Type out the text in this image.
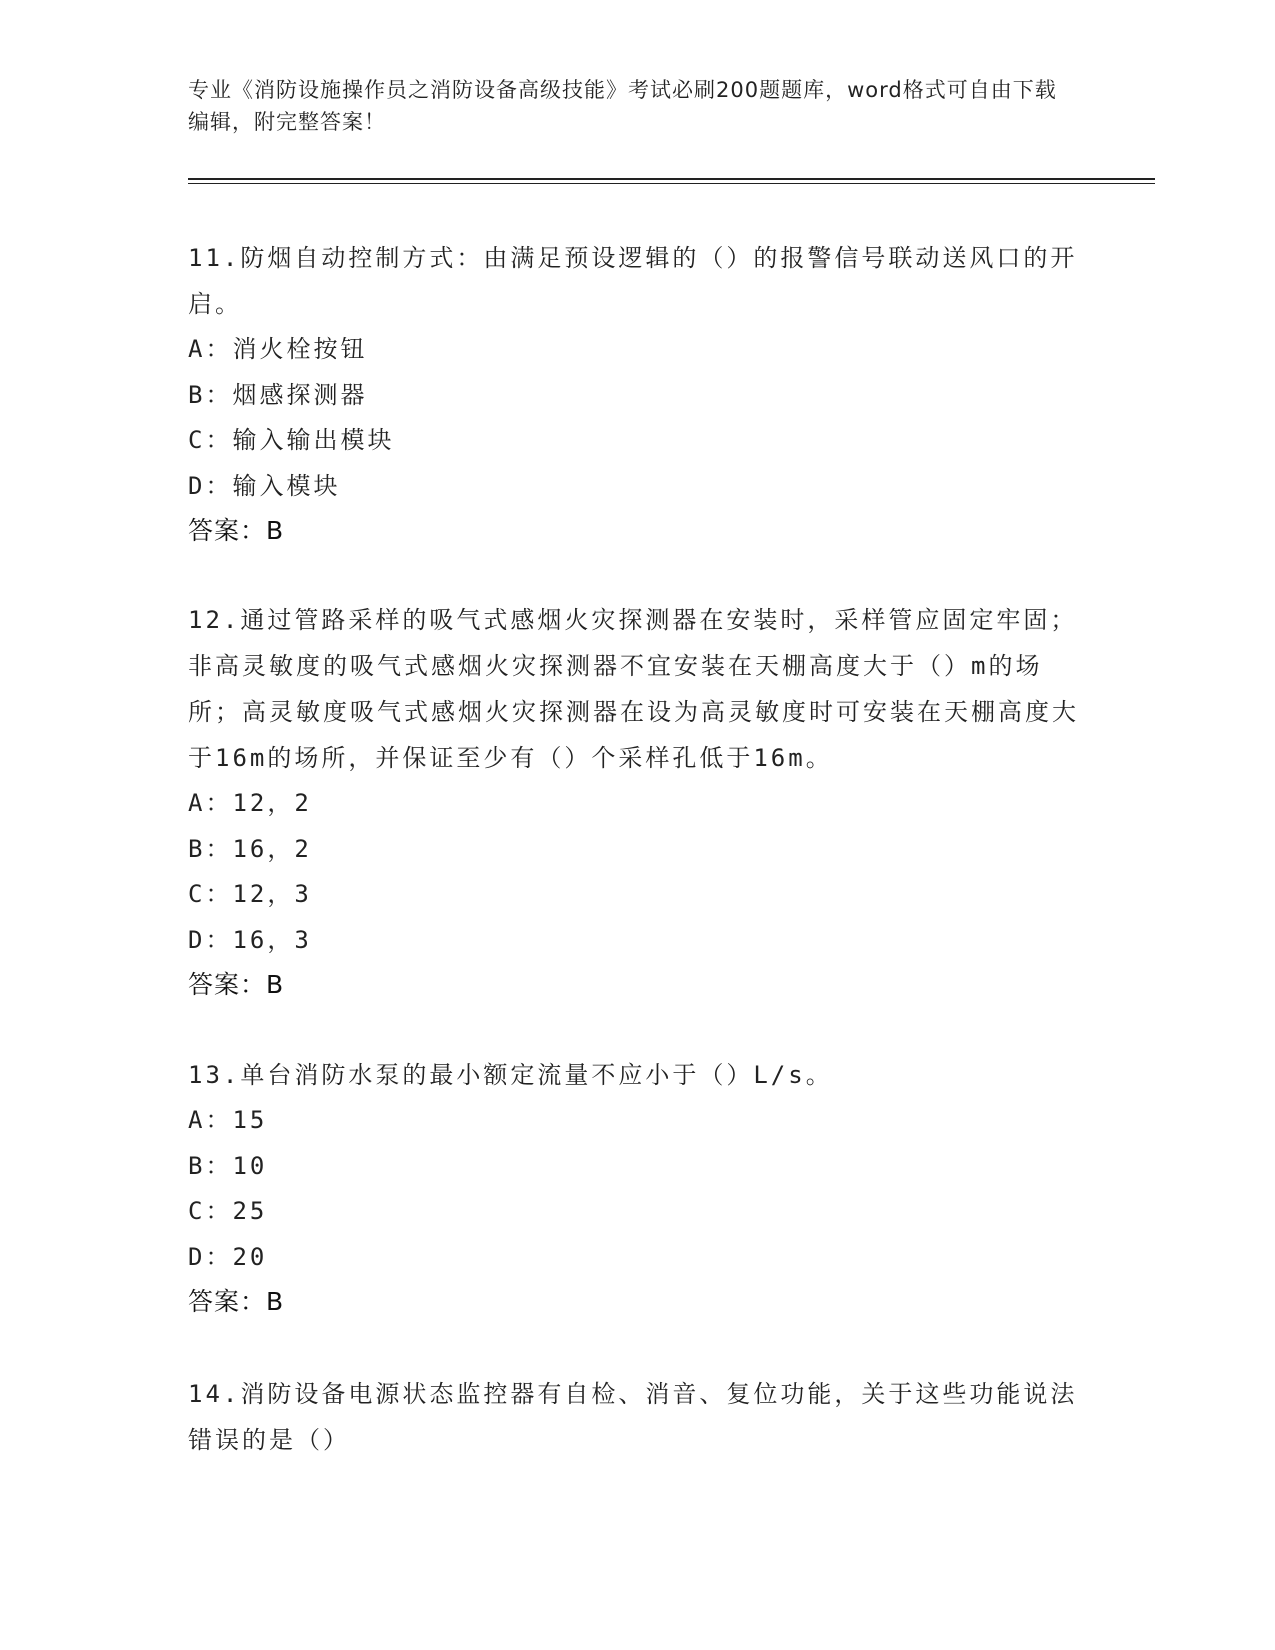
专业《消防设施操作员之消防设备高级技能》考试必刷200题题库，word格式可自由下载编辑，附完整答案！

11.防烟自动控制方式：由满足预设逻辑的（）的报警信号联动送风口的开启。

A：消火栓按钮

B：烟感探测器

C：输入输出模块

D：输入模块

答案：B

12.通过管路采样的吸气式感烟火灾探测器在安装时，采样管应固定牢固；非高灵敏度的吸气式感烟火灾探测器不宜安装在天棚高度大于（）m的场所；高灵敏度吸气式感烟火灾探测器在设为高灵敏度时可安装在天棚高度大于16m的场所，并保证至少有（）个采样孔低于16m。

A：12，2

B：16，2

C：12，3

D：16，3

答案：B

13.单台消防水泵的最小额定流量不应小于（）L/s。

A：15

B：10

C：25

D：20

答案：B

14.消防设备电源状态监控器有自检、消音、复位功能，关于这些功能说法错误的是（）
